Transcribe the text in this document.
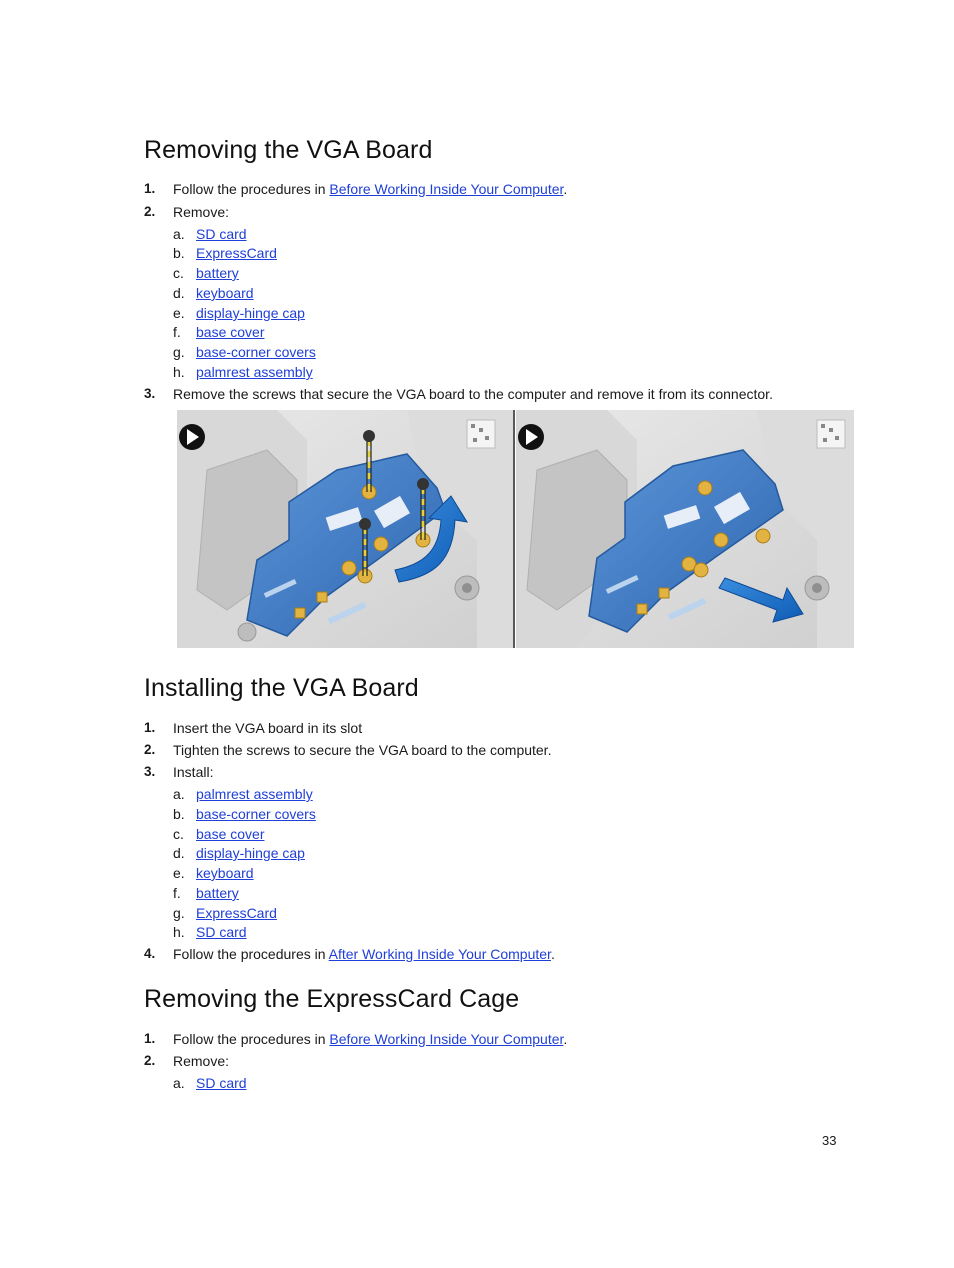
Removing the VGA Board
1. Follow the procedures in Before Working Inside Your Computer.
2. Remove:
a. SD card
b. ExpressCard
c. battery
d. keyboard
e. display-hinge cap
f. base cover
g. base-corner covers
h. palmrest assembly
3. Remove the screws that secure the VGA board to the computer and remove it from its connector.
Installing the VGA Board
1. Insert the VGA board in its slot
2. Tighten the screws to secure the VGA board to the computer.
3. Install:
a. palmrest assembly
b. base-corner covers
c. base cover
d. display-hinge cap
e. keyboard
f. battery
g. ExpressCard
h. SD card
4. Follow the procedures in After Working Inside Your Computer.
Removing the ExpressCard Cage
1. Follow the procedures in Before Working Inside Your Computer.
2. Remove:
a. SD card
33
